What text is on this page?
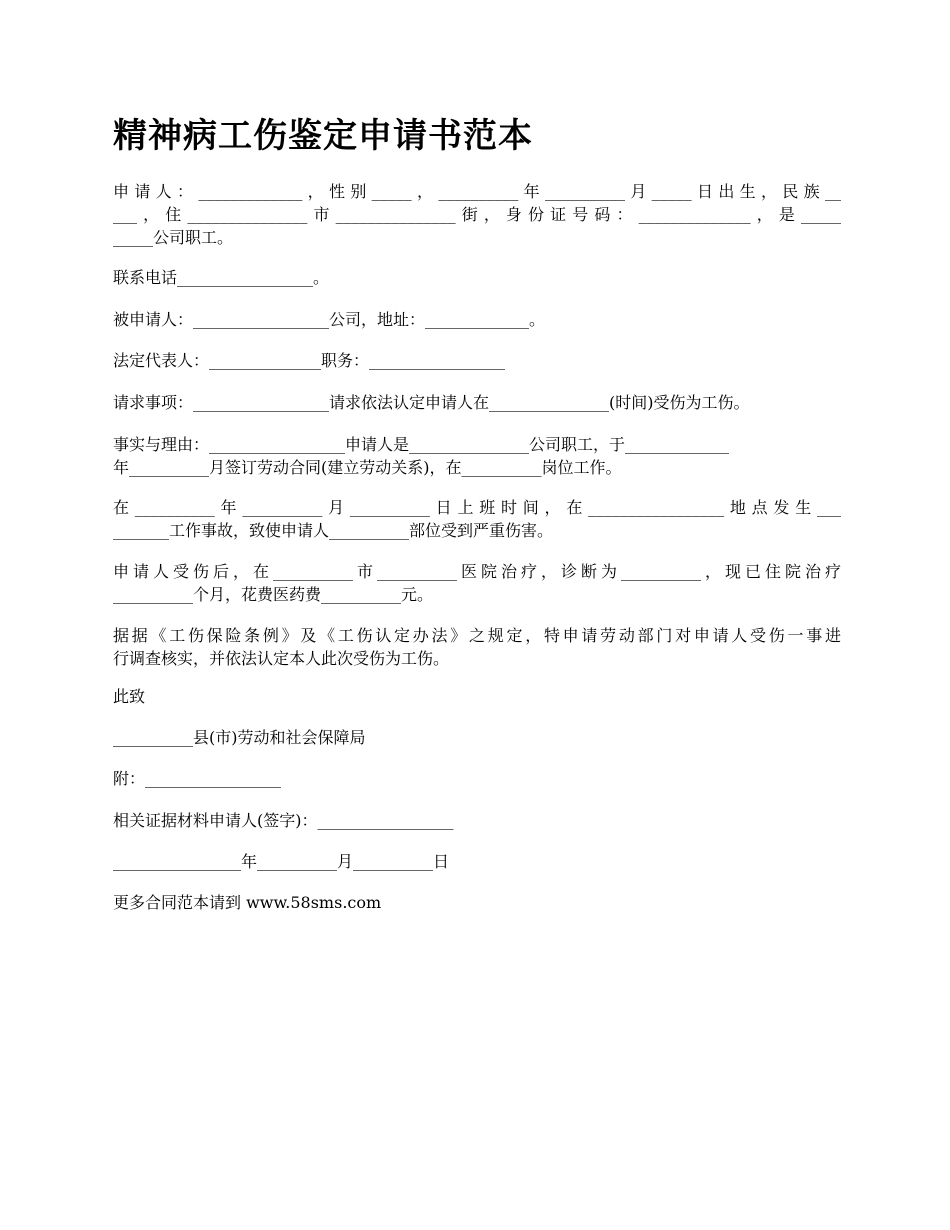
精神病工伤鉴定申请书范本
申请人：_____________，性别_____，__________年__________月_____日出生，民族__
___，住_______________市_______________街，身份证号码：______________，是_____
_____公司职工。
联系电话_________________。
被申请人：_________________公司，地址：_____________。
法定代表人：______________职务：_________________
请求事项：_________________请求依法认定申请人在_______________(时间)受伤为工伤。
事实与理由：_________________申请人是_______________公司职工，于_____________
年__________月签订劳动合同(建立劳动关系)，在__________岗位工作。
在__________年__________月__________日上班时间，在_________________地点发生___
_______工作事故，致使申请人__________部位受到严重伤害。
申请人受伤后，在__________市__________医院治疗，诊断为__________，现已住院治疗
__________个月，花费医药费__________元。
据据《工伤保险条例》及《工伤认定办法》之规定，特申请劳动部门对申请人受伤一事进
行调查核实，并依法认定本人此次受伤为工伤。
此致
__________县(市)劳动和社会保障局
附：_________________
相关证据材料申请人(签字)：_________________
________________年__________月__________日
更多合同范本请到 www.58sms.com
